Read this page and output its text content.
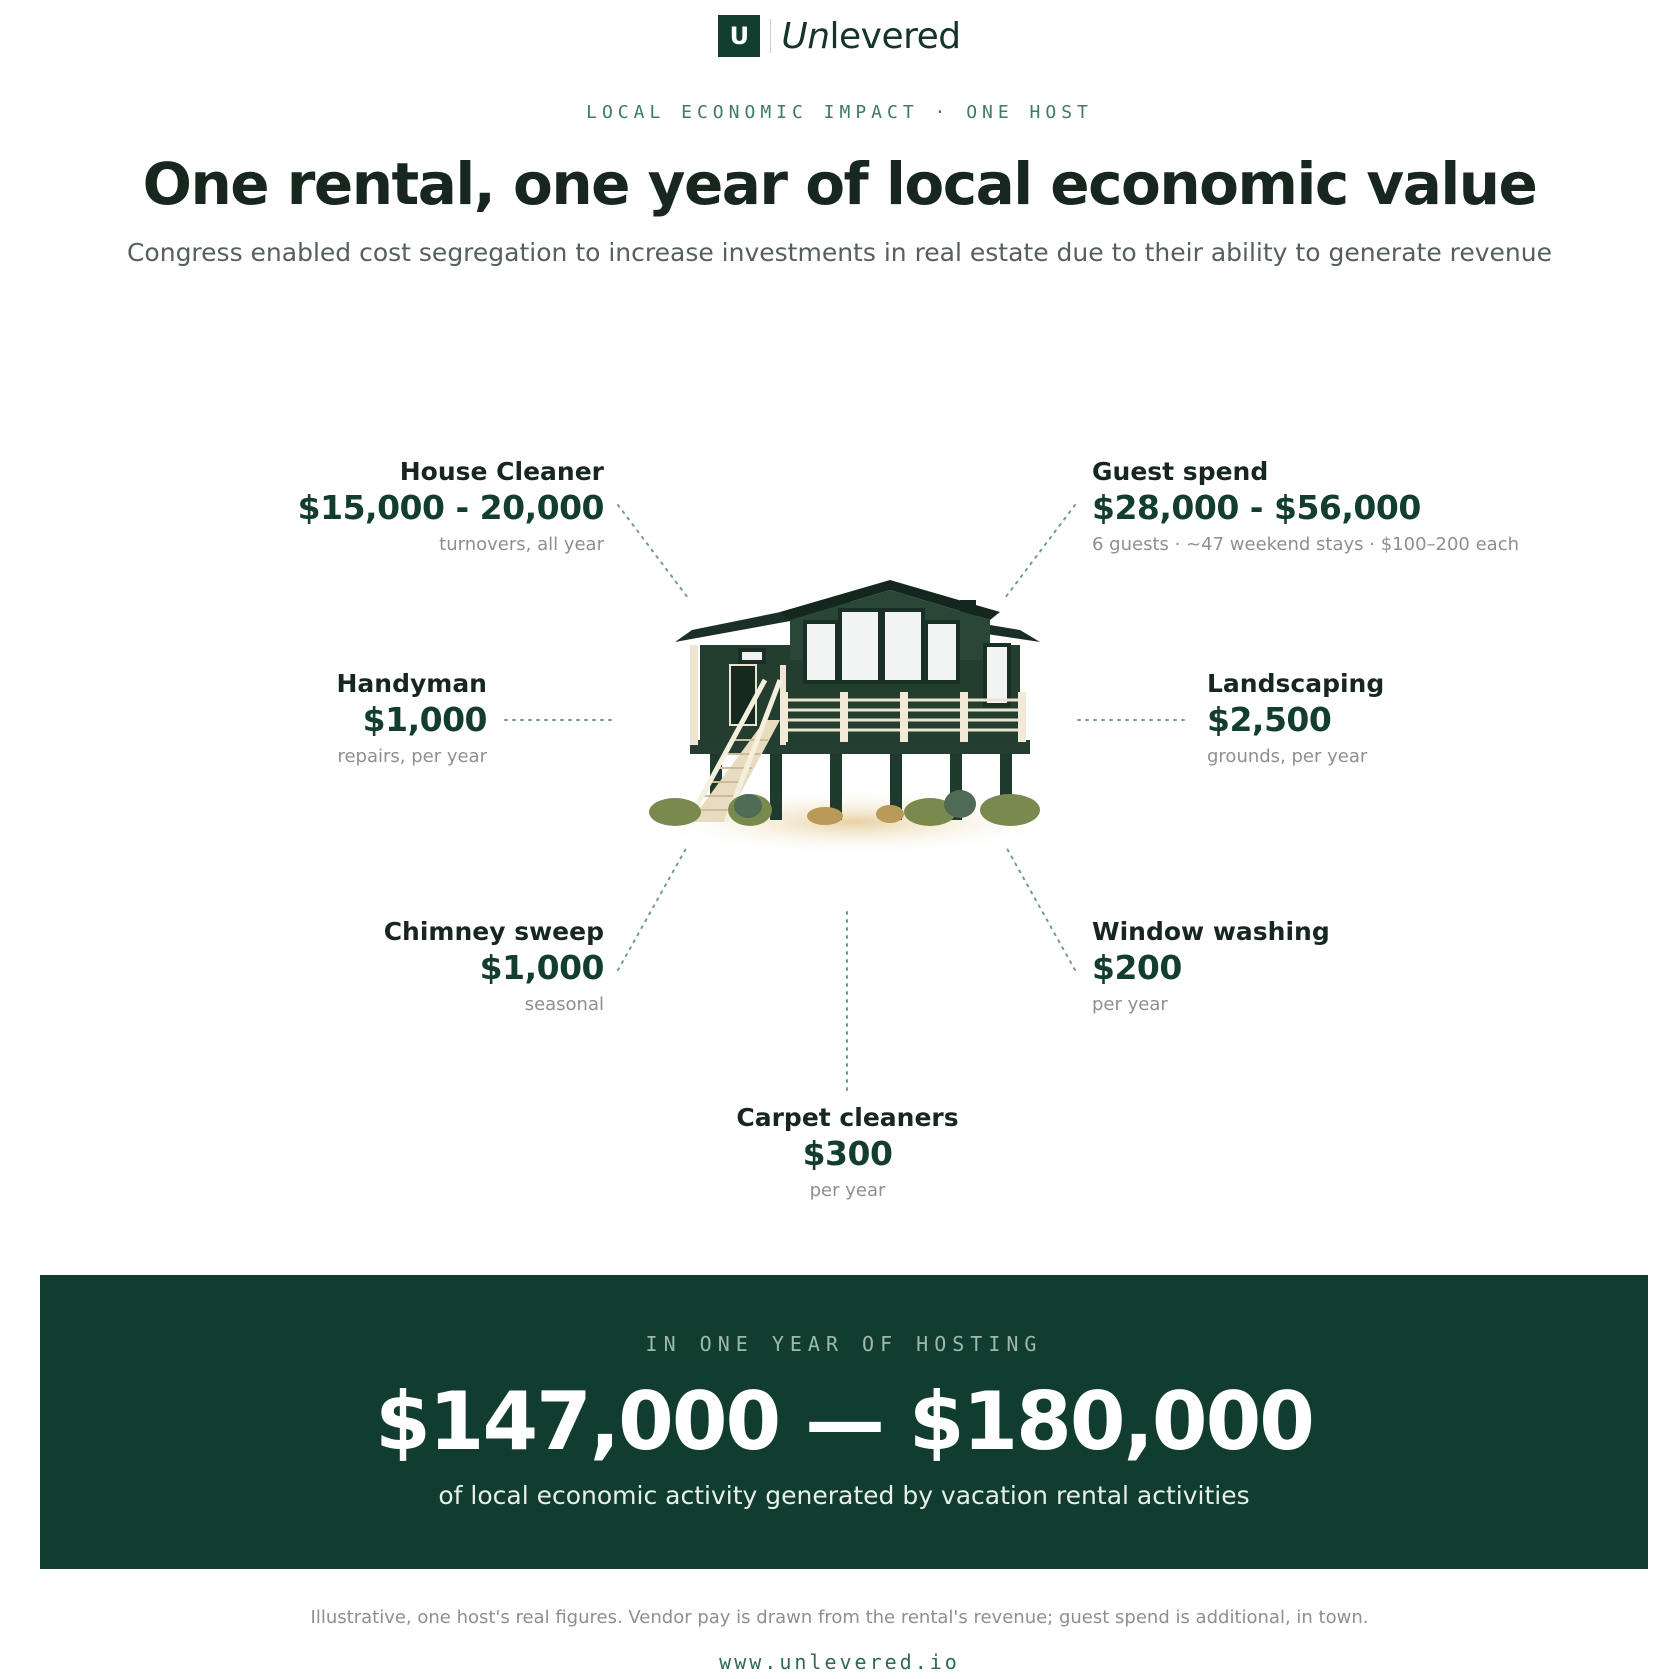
U Unlevered
LOCAL ECONOMIC IMPACT · ONE HOST
One rental, one year of local economic value
Congress enabled cost segregation to increase investments in real estate due to their ability to generate revenue
House Cleaner
$15,000 - 20,000
turnovers, all year
Handyman
$1,000
repairs, per year
Chimney sweep
$1,000
seasonal
Guest spend
$28,000 - $56,000
6 guests · ~47 weekend stays · $100–200 each
Landscaping
$2,500
grounds, per year
Window washing
$200
per year
Carpet cleaners
$300
per year
IN ONE YEAR OF HOSTING
$147,000 — $180,000
of local economic activity generated by vacation rental activities
Illustrative, one host's real figures. Vendor pay is drawn from the rental's revenue; guest spend is additional, in town.
www.unlevered.io
